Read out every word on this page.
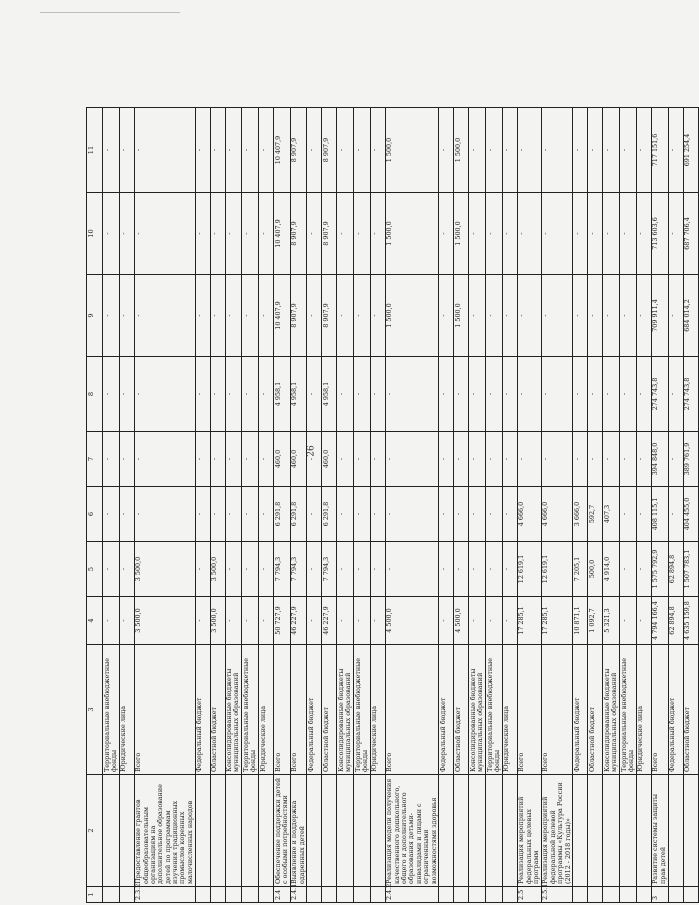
26
1	2	3	4	5	6	7	8	9	10	11
		Территориальные внебюджетные фонды	-	-	-	-	-	-	-	-
		Юридические лица	-	-	-	-	-	-	-	-
2.3.2	Предоставление грантов общеобразовательным организациям на дополнительное образование детей по программам изучения традиционных промыслов коренных малочисленных народов	Всего	3 500,0	3 500,0	-	-	-	-	-	-
		Федеральный бюджет	-	-	-	-	-	-	-	-
		Областной бюджет	3 500,0	3 500,0	-	-	-	-	-	-
		Консолидированные бюджеты муниципальных образований	-	-	-	-	-	-	-	-
		Территориальные внебюджетные фонды	-	-	-	-	-	-	-	-
		Юридические лица	-	-	-	-	-	-	-	-
2.4	Обеспечение поддержки детей с особыми потребностями	Всего	50 727,9	7 794,3	6 291,8	460,0	4 958,1	10 407,9	10 407,9	10 407,9
2.4.1	Выявление и поддержка одаренных детей	Всего	46 227,9	7 794,3	6 291,8	460,0	4 958,1	8 907,9	8 907,9	8 907,9
		Федеральный бюджет	-	-	-	-	-	-	-	-
		Областной бюджет	46 227,9	7 794,3	6 291,8	460,0	4 958,1	8 907,9	8 907,9	8 907,9
		Консолидированные бюджеты муниципальных образований	-	-	-	-	-	-	-	-
		Территориальные внебюджетные фонды	-	-	-	-	-	-	-	-
		Юридические лица	-	-	-	-	-	-	-	-
2.4.2	Реализация модели получения качественного дошкольного, общего и дополнительного образования детьми-инвалидами и лицами с ограниченными возможностями здоровья	Всего	4 500,0	-	-	-	-	1 500,0	1 500,0	1 500,0
		Федеральный бюджет	-	-	-	-	-	-	-	-
		Областной бюджет	4 500,0	-	-	-	-	1 500,0	1 500,0	1 500,0
		Консолидированные бюджеты муниципальных образований	-	-	-	-	-	-	-	-
		Территориальные внебюджетные фонды	-	-	-	-	-	-	-	-
		Юридические лица	-	-	-	-	-	-	-	-
2.5	Реализация мероприятий федеральных целевых программ	Всего	17 285,1	12 619,1	4 666,0	-	-	-	-	-
2.5.1	Реализация мероприятий федеральной целевой программы «Культура России (2012 - 2018 годы)»	Всего	17 285,1	12 619,1	4 666,0	-	-	-	-	-
		Федеральный бюджет	10 871,1	7 205,1	3 666,0	-	-	-	-	-
		Областной бюджет	1 092,7	500,0	592,7	-	-	-	-	-
		Консолидированные бюджеты муниципальных образований	5 321,3	4 914,0	407,3	-	-	-	-	-
		Территориальные внебюджетные фонды	-	-	-	-	-	-	-	-
		Юридические лица	-	-	-	-	-	-	-	-
3	Развитие системы защиты прав детей	Всего	4 794 166,4	1 575 792,9	408 115,1	394 848,0	274 743,8	709 911,4	713 603,6	717 151,6
		Федеральный бюджет	62 894,8	62 894,8	-	-	-	-	-	-
		Областной бюджет	4 635 159,8	1 507 783,1	404 455,0	389 761,9	274 743,8	684 014,2	687 706,4	691 254,4
